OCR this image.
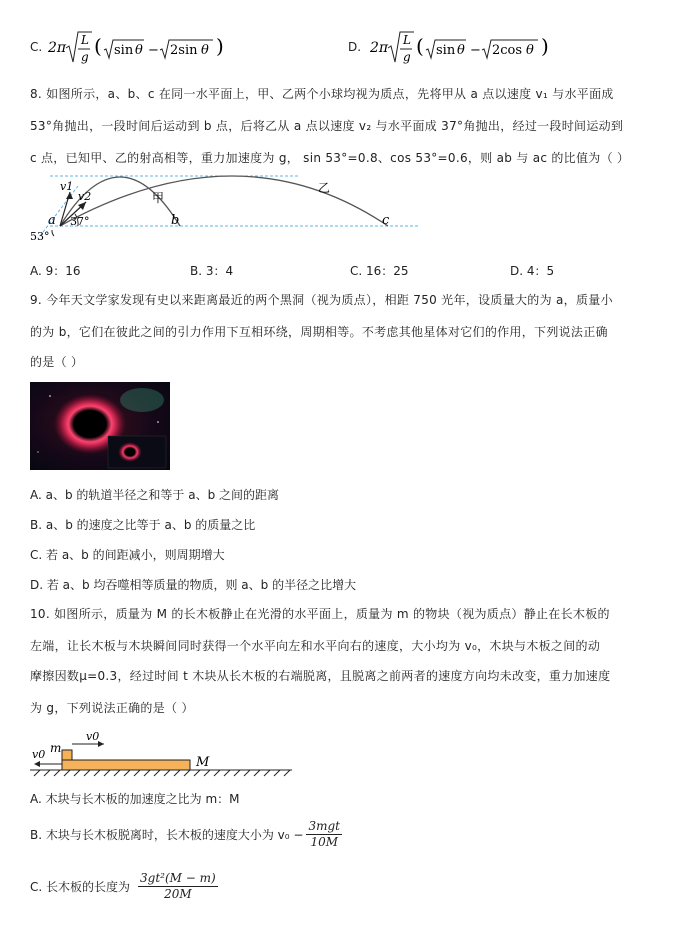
C. 2π L
g ( sin θ − 2sin θ )	D. 2π L
g ( sin θ − 2cos θ )
8. 如图所示，a、b、c 在同一水平面上，甲、乙两个小球均视为质点，先将甲从 a 点以速度 v₁ 与水平面成
53°角抛出，一段时间后运动到 b 点，后将乙从 a 点以速度 v₂ 与水平面成 37°角抛出，经过一段时间运动到
c 点，已知甲、乙的射高相等，重力加速度为 g， sin 53°=0.8、cos 53°=0.6，则 ab 与 ac 的比值为（ ）
v1
v2
a 37°
53°
b	c
甲
乙
A. 9：16	B. 3：4	C. 16：25	D. 4：5
9. 今年天文学家发现有史以来距离最近的两个黑洞（视为质点），相距 750 光年，设质量大的为 a，质量小
的为 b，它们在彼此之间的引力作用下互相环绕，周期相等。不考虑其他星体对它们的作用，下列说法正确
的是（ ）
A. a、b 的轨道半径之和等于 a、b 之间的距离
B. a、b 的速度之比等于 a、b 的质量之比
C. 若 a、b 的间距减小，则周期增大
D. 若 a、b 均吞噬相等质量的物质，则 a、b 的半径之比增大
10. 如图所示，质量为 M 的长木板静止在光滑的水平面上，质量为 m 的物块（视为质点）静止在长木板的
左端，让长木板与木块瞬间同时获得一个水平向左和水平向右的速度，大小均为 v₀，木块与木板之间的动
摩擦因数μ=0.3，经过时间 t 木块从长木板的右端脱离，且脱离之前两者的速度方向均未改变，重力加速度
为 g，下列说法正确的是（ ）
v0
v0 m
M
A. 木块与长木板的加速度之比为 m：M
B. 木块与长木板脱离时，长木板的速度大小为 $v_0 - \frac{\text{3mgt}}{10M}$
C. 长木板的长度为 $\frac{\text{3gt²(M − m)}}{20M}$
